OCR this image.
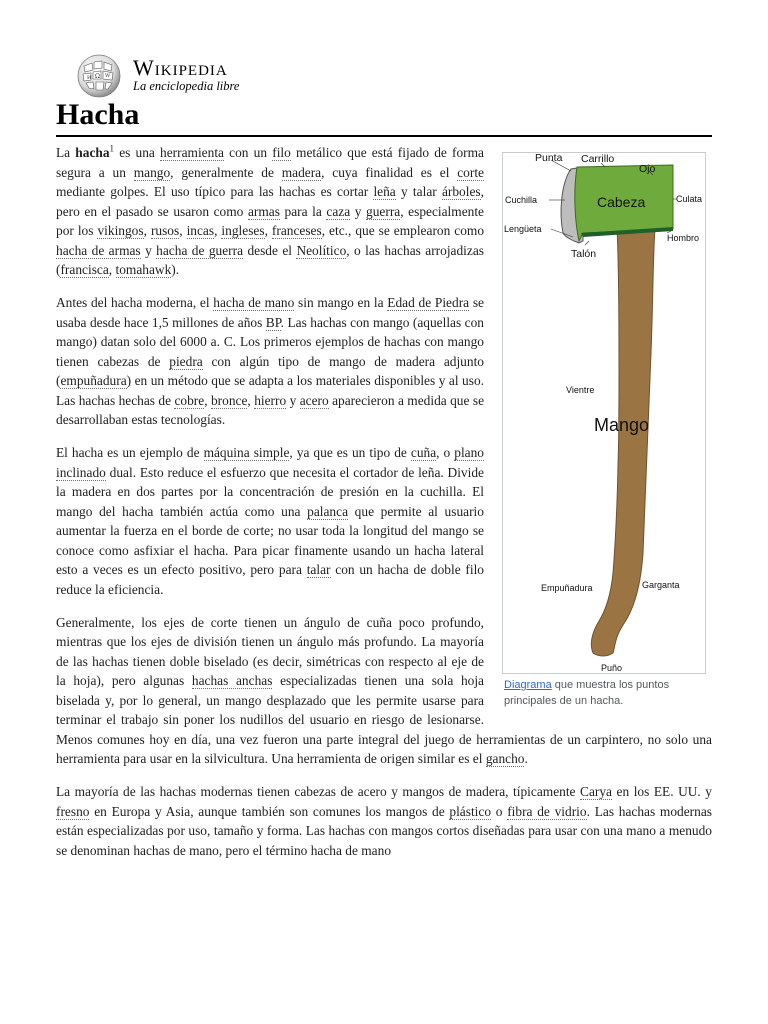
Ω W
И Wikipedia
La enciclopedia libre
Hacha
Punta Carrillo
Ojo
Cuchilla	Cabeza	Culata
Lengüeta
Hombro
Talón
Vientre
Mango
Empuñadura	Garganta
Puño
Diagrama que muestra los puntos principales de un hacha.

La hacha$^1$ es una herramienta con un filo metálico que está fijado de forma segura a un mango, generalmente de madera, cuya finalidad es el corte mediante golpes. El uso típico para las hachas es cortar leña y talar árboles, pero en el pasado se usaron como armas para la caza y guerra, especialmente por los vikingos, rusos, incas, ingleses, franceses, etc., que se emplearon como hacha de armas y hacha de guerra desde el Neolítico, o las hachas arrojadizas (francisca, tomahawk).

Antes del hacha moderna, el hacha de mano sin mango en la Edad de Piedra se usaba desde hace 1,5 millones de años BP. Las hachas con mango (aquellas con mango) datan solo del 6000 a. C. Los primeros ejemplos de hachas con mango tienen cabezas de piedra con algún tipo de mango de madera adjunto (empuñadura) en un método que se adapta a los materiales disponibles y al uso. Las hachas hechas de cobre, bronce, hierro y acero aparecieron a medida que se desarrollaban estas tecnologías.

El hacha es un ejemplo de máquina simple, ya que es un tipo de cuña, o plano inclinado dual. Esto reduce el esfuerzo que necesita el cortador de leña. Divide la madera en dos partes por la concentración de presión en la cuchilla. El mango del hacha también actúa como una palanca que permite al usuario aumentar la fuerza en el borde de corte; no usar toda la longitud del mango se conoce como asfixiar el hacha. Para picar finamente usando un hacha lateral esto a veces es un efecto positivo, pero para talar con un hacha de doble filo reduce la eficiencia.

Generalmente, los ejes de corte tienen un ángulo de cuña poco profundo, mientras que los ejes de división tienen un ángulo más profundo. La mayoría de las hachas tienen doble biselado (es decir, simétricas con respecto al eje de la hoja), pero algunas hachas anchas especializadas tienen una sola hoja biselada y, por lo general, un mango desplazado que les permite usarse para terminar el trabajo sin poner los nudillos del usuario en riesgo de lesionarse. Menos comunes hoy en día, una vez fueron una parte integral del juego de herramientas de un carpintero, no solo una herramienta para usar en la silvicultura. Una herramienta de origen similar es el gancho.

La mayoría de las hachas modernas tienen cabezas de acero y mangos de madera, típicamente Carya en los EE. UU. y fresno en Europa y Asia, aunque también son comunes los mangos de plástico o fibra de vidrio. Las hachas modernas están especializadas por uso, tamaño y forma. Las hachas con mangos cortos diseñadas para usar con una mano a menudo se denominan hachas de mano, pero el término hacha de mano
